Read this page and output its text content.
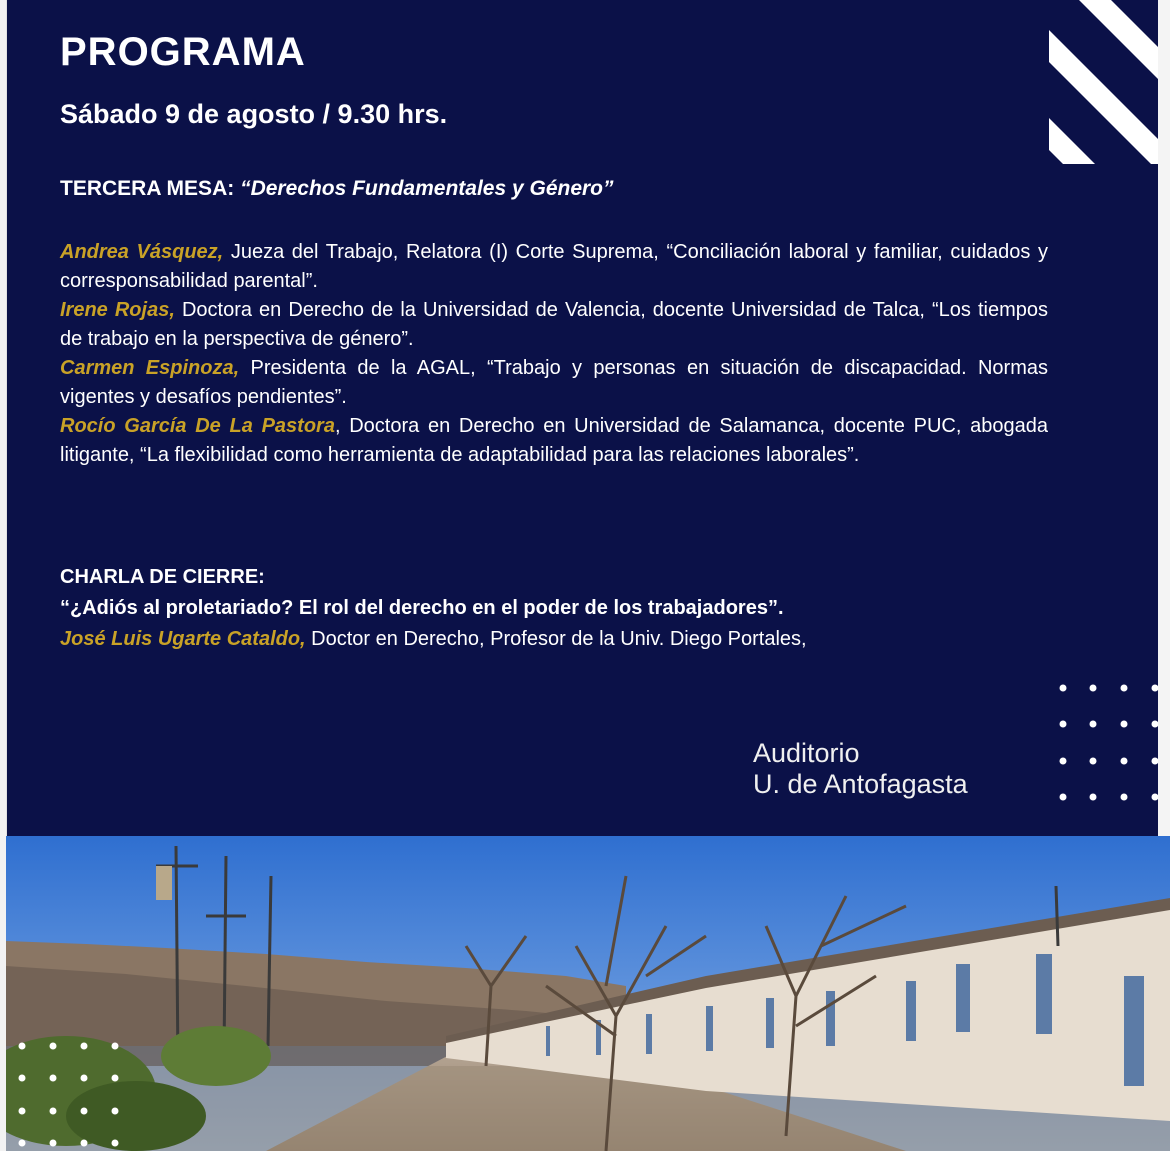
PROGRAMA
Sábado 9 de agosto / 9.30 hrs.
TERCERA MESA: “Derechos Fundamentales y Género”

Andrea Vásquez, Jueza del Trabajo, Relatora (I) Corte Suprema, “Conciliación laboral y familiar, cuidados y corresponsabilidad parental”.

Irene Rojas, Doctora en Derecho de la Universidad de Valencia, docente Universidad de Talca, “Los tiempos de trabajo en la perspectiva de género”.

Carmen Espinoza, Presidenta de la AGAL, “Trabajo y personas en situación de discapacidad. Normas vigentes y desafíos pendientes”.

Rocío García De La Pastora, Doctora en Derecho en Universidad de Salamanca, docente PUC, abogada litigante, “La flexibilidad como herramienta de adaptabilidad para las relaciones laborales”.

CHARLA DE CIERRE:
“¿Adiós al proletariado? El rol del derecho en el poder de los trabajadores”.
José Luis Ugarte Cataldo, Doctor en Derecho, Profesor de la Univ. Diego Portales,
Auditorio
U. de Antofagasta
